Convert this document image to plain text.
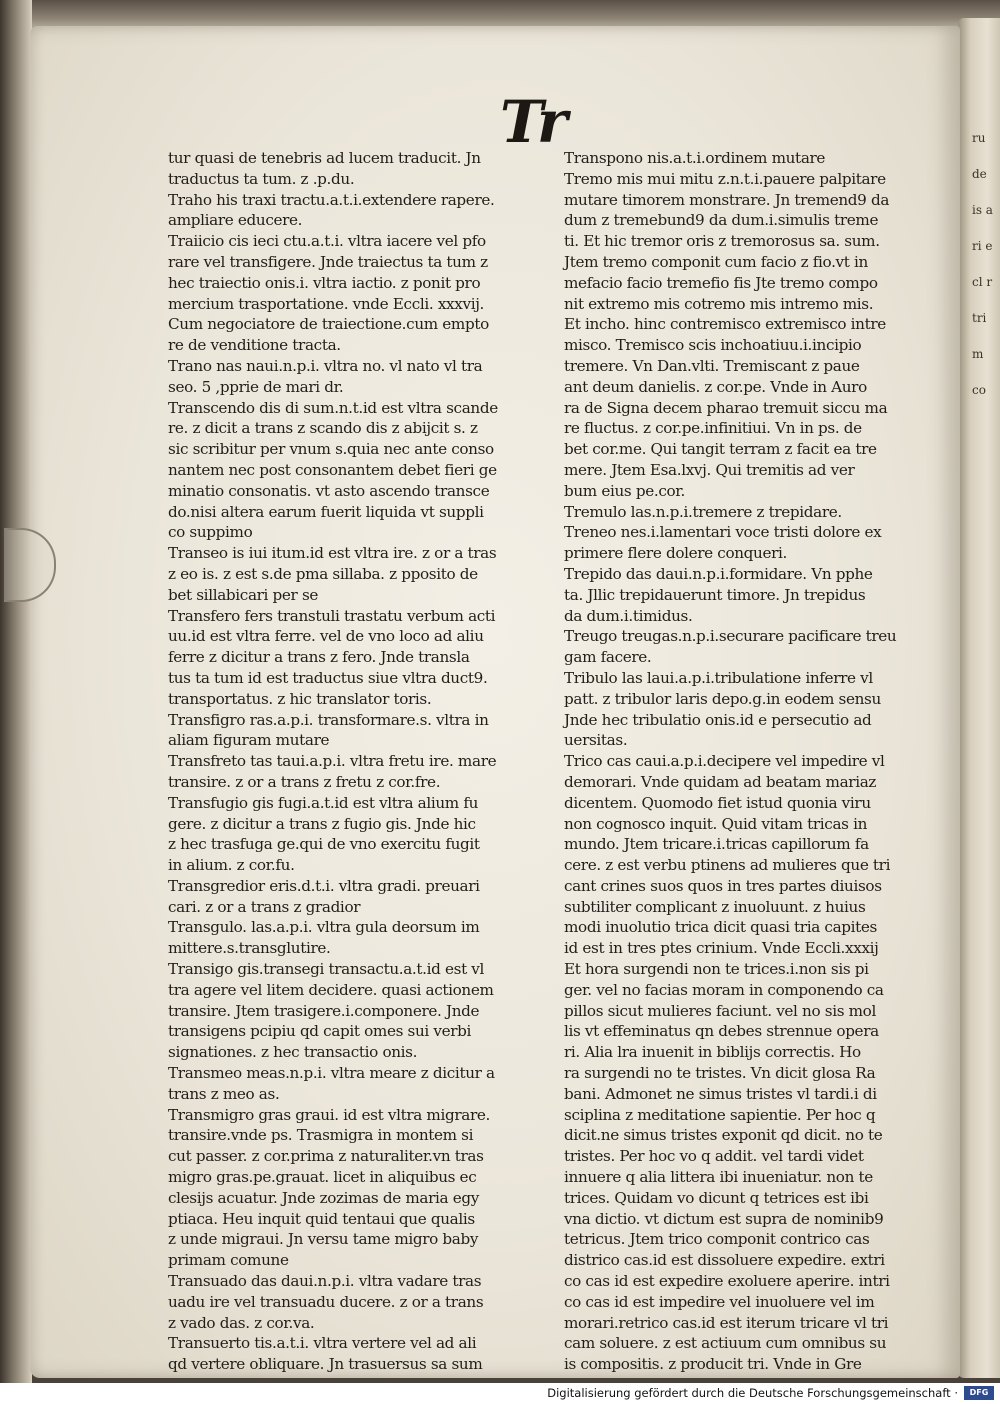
Tr
tur quasi de tenebris ad lucem traducit. Jn
traductus ta tum. z .p.du.
Traho his traxi tractu.a.t.i.extendere rapere.
ampliare educere.
Traiicio cis ieci ctu.a.t.i. vltra iacere vel pfo
rare vel transfigere. Jnde traiectus ta tum z
hec traiectio onis.i. vltra iactio. z ponit pro
mercium trasportatione. vnde Eccli. xxxvij.
Cum negociatore de traiectione.cum empto
re de venditione tracta.
Trano nas naui.n.p.i. vltra no. vl nato vl tra
seo. 5 ,pprie de mari dr.
Transcendo dis di sum.n.t.id est vltra scande
re. z dicit a trans z scando dis z abijcit s. z
sic scribitur per vnum s.quia nec ante conso
nantem nec post consonantem debet fieri ge
minatio consonatis. vt asto ascendo transce
do.nisi altera earum fuerit liquida vt suppli
co suppimo
Transeo is iui itum.id est vltra ire. z or a tras
z eo is. z est s.de pma sillaba. z pposito de
bet sillabicari per se
Transfero fers transtuli trastatu verbum acti
uu.id est vltra ferre. vel de vno loco ad aliu
ferre z dicitur a trans z fero. Jnde transla
tus ta tum id est traductus siue vltra duct9.
transportatus. z hic translator toris.
Transfigro ras.a.p.i. transformare.s. vltra in
aliam figuram mutare
Transfreto tas taui.a.p.i. vltra fretu ire. mare
transire. z or a trans z fretu z cor.fre.
Transfugio gis fugi.a.t.id est vltra alium fu
gere. z dicitur a trans z fugio gis. Jnde hic
z hec trasfuga ge.qui de vno exercitu fugit
in alium. z cor.fu.
Transgredior eris.d.t.i. vltra gradi. preuari
cari. z or a trans z gradior
Transgulo. las.a.p.i. vltra gula deorsum im
mittere.s.transglutire.
Transigo gis.transegi transactu.a.t.id est vl
tra agere vel litem decidere. quasi actionem
transire. Jtem trasigere.i.componere. Jnde
transigens pcipiu qd capit omes sui verbi
signationes. z hec transactio onis.
Transmeo meas.n.p.i. vltra meare z dicitur a
trans z meo as.
Transmigro gras graui. id est vltra migrare.
transire.vnde ps. Trasmigra in montem si
cut passer. z cor.prima z naturaliter.vn tras
migro gras.pe.grauat. licet in aliquibus ec
clesijs acuatur. Jnde zozimas de maria egy
ptiaca. Heu inquit quid tentaui que qualis
z unde migraui. Jn versu tame migro baby
primam comune
Transuado das daui.n.p.i. vltra vadare tras
uadu ire vel transuadu ducere. z or a trans
z vado das. z cor.va.
Transuerto tis.a.t.i. vltra vertere vel ad ali
qd vertere obliquare. Jn trasuersus sa sum
Transpono nis.a.t.i.ordinem mutare
Tremo mis mui mitu z.n.t.i.pauere palpitare
mutare timorem monstrare. Jn tremend9 da
dum z tremebund9 da dum.i.simulis treme
ti. Et hic tremor oris z tremorosus sa. sum.
Jtem tremo componit cum facio z fio.vt in
mefacio facio tremefio fis Jte tremo compo
nit extremo mis cotremo mis intremo mis.
Et incho. hinc contremisco extremisco intre
misco. Tremisco scis inchoatiuu.i.incipio
tremere. Vn Dan.vlti. Tremiscant z paue
ant deum danielis. z cor.pe. Vnde in Auro
ra de Signa decem pharao tremuit siccu ma
re fluctus. z cor.pe.infinitiui. Vn in ps. de
bet cor.me. Qui tangit terram z facit ea tre
mere. Jtem Esa.lxvj. Qui tremitis ad ver
bum eius pe.cor.
Tremulo las.n.p.i.tremere z trepidare.
Treneo nes.i.lamentari voce tristi dolore ex
primere flere dolere conqueri.
Trepido das daui.n.p.i.formidare. Vn pphe
ta. Jllic trepidauerunt timore. Jn trepidus
da dum.i.timidus.
Treugo treugas.n.p.i.securare pacificare treu
gam facere.
Tribulo las laui.a.p.i.tribulatione inferre vl
patt. z tribulor laris depo.g.in eodem sensu
Jnde hec tribulatio onis.id e persecutio ad
uersitas.
Trico cas caui.a.p.i.decipere vel impedire vl
demorari. Vnde quidam ad beatam mariaz
dicentem. Quomodo fiet istud quonia viru
non cognosco inquit. Quid vitam tricas in
mundo. Jtem tricare.i.tricas capillorum fa
cere. z est verbu ptinens ad mulieres que tri
cant crines suos quos in tres partes diuisos
subtiliter complicant z inuoluunt. z huius
modi inuolutio trica dicit quasi tria capites
id est in tres ptes crinium. Vnde Eccli.xxxij
Et hora surgendi non te trices.i.non sis pi
ger. vel no facias moram in componendo ca
pillos sicut mulieres faciunt. vel no sis mol
lis vt effeminatus qn debes strennue opera
ri. Alia lra inuenit in biblijs correctis. Ho
ra surgendi no te tristes. Vn dicit glosa Ra
bani. Admonet ne simus tristes vl tardi.i di
sciplina z meditatione sapientie. Per hoc q
dicit.ne simus tristes exponit qd dicit. no te
tristes. Per hoc vo q addit. vel tardi videt
innuere q alia littera ibi inueniatur. non te
trices. Quidam vo dicunt q tetrices est ibi
vna dictio. vt dictum est supra de nominib9
tetricus. Jtem trico componit contrico cas
districo cas.id est dissoluere expedire. extri
co cas id est expedire exoluere aperire. intri
co cas id est impedire vel inuoluere vel im
morari.retrico cas.id est iterum tricare vl tri
cam soluere. z est actiuum cum omnibus su
is compositis. z producit tri. Vnde in Gre
ru de is a ri e cl r tri m co
Digitalisierung gefördert durch die Deutsche Forschungsgemeinschaft ·	DFG
